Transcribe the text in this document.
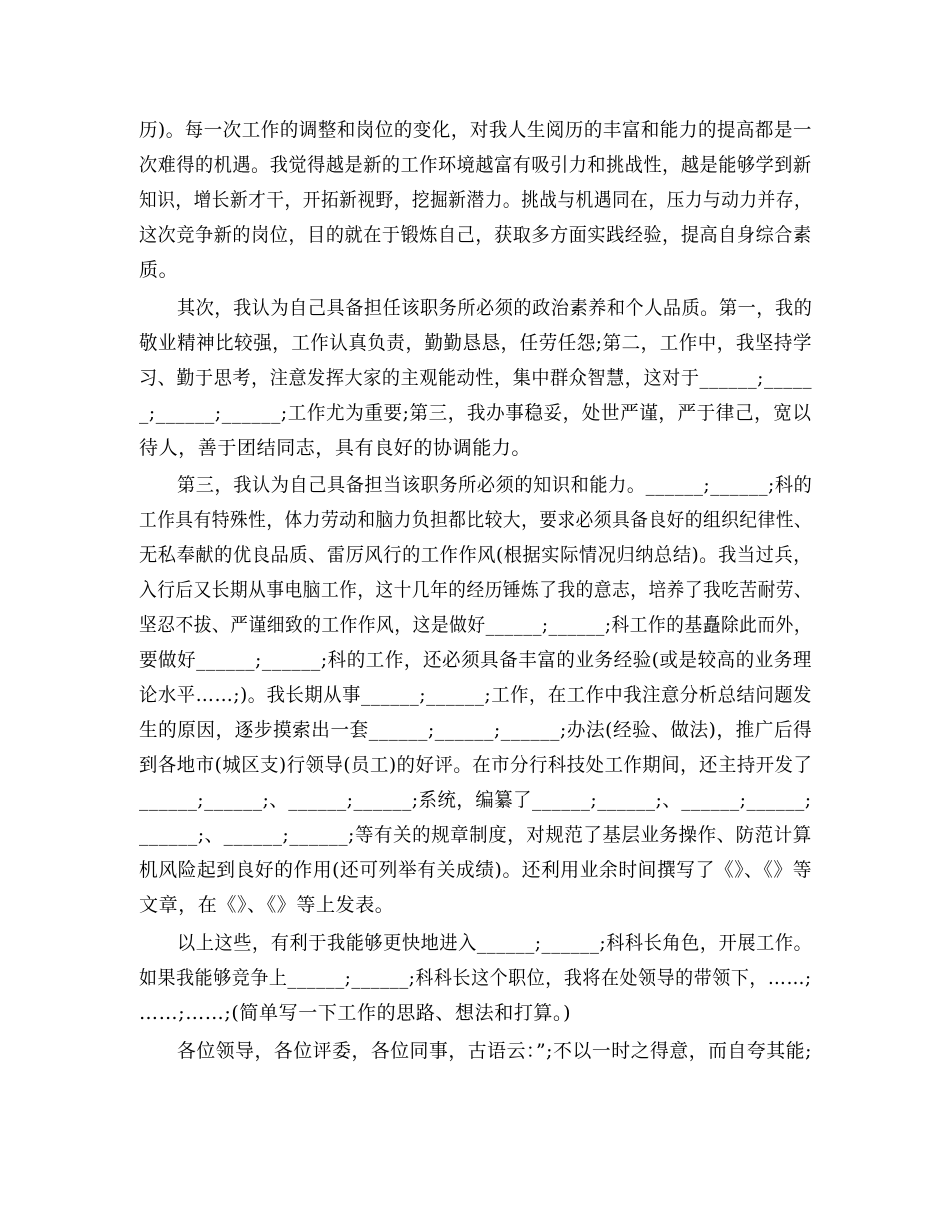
历)。每一次工作的调整和岗位的变化，对我人生阅历的丰富和能力的提高都是一
次难得的机遇。我觉得越是新的工作环境越富有吸引力和挑战性，越是能够学到新
知识，增长新才干，开拓新视野，挖掘新潜力。挑战与机遇同在，压力与动力并存，
这次竞争新的岗位，目的就在于锻炼自己，获取多方面实践经验，提高自身综合素
质。
其次，我认为自己具备担任该职务所必须的政治素养和个人品质。第一，我的
敬业精神比较强，工作认真负责，勤勤恳恳，任劳任怨;第二，工作中，我坚持学
习、勤于思考，注意发挥大家的主观能动性，集中群众智慧，这对于______;_____
_;______;______;工作尤为重要;第三，我办事稳妥，处世严谨，严于律己，宽以
待人，善于团结同志，具有良好的协调能力。
第三，我认为自己具备担当该职务所必须的知识和能力。______;______;科的
工作具有特殊性，体力劳动和脑力负担都比较大，要求必须具备良好的组织纪律性、
无私奉献的优良品质、雷厉风行的工作作风(根据实际情况归纳总结)。我当过兵，
入行后又长期从事电脑工作，这十几年的经历锤炼了我的意志，培养了我吃苦耐劳、
坚忍不拔、严谨细致的工作作风，这是做好______;______;科工作的基矗除此而外，
要做好______;______;科的工作，还必须具备丰富的业务经验(或是较高的业务理
论水平……;)。我长期从事______;______;工作，在工作中我注意分析总结问题发
生的原因，逐步摸索出一套______;______;______;办法(经验、做法)，推广后得
到各地市(城区支)行领导(员工)的好评。在市分行科技处工作期间，还主持开发了
______;______;、______;______;系统，编纂了______;______;、______;______;
______;、______;______;等有关的规章制度，对规范了基层业务操作、防范计算
机风险起到良好的作用(还可列举有关成绩)。还利用业余时间撰写了《》、《》等
文章，在《》、《》等上发表。
以上这些，有利于我能够更快地进入______;______;科科长角色，开展工作。
如果我能够竞争上______;______;科科长这个职位，我将在处领导的带领下，……;
……;……;(简单写一下工作的思路、想法和打算。)
各位领导，各位评委，各位同事，古语云：”;不以一时之得意，而自夸其能;
